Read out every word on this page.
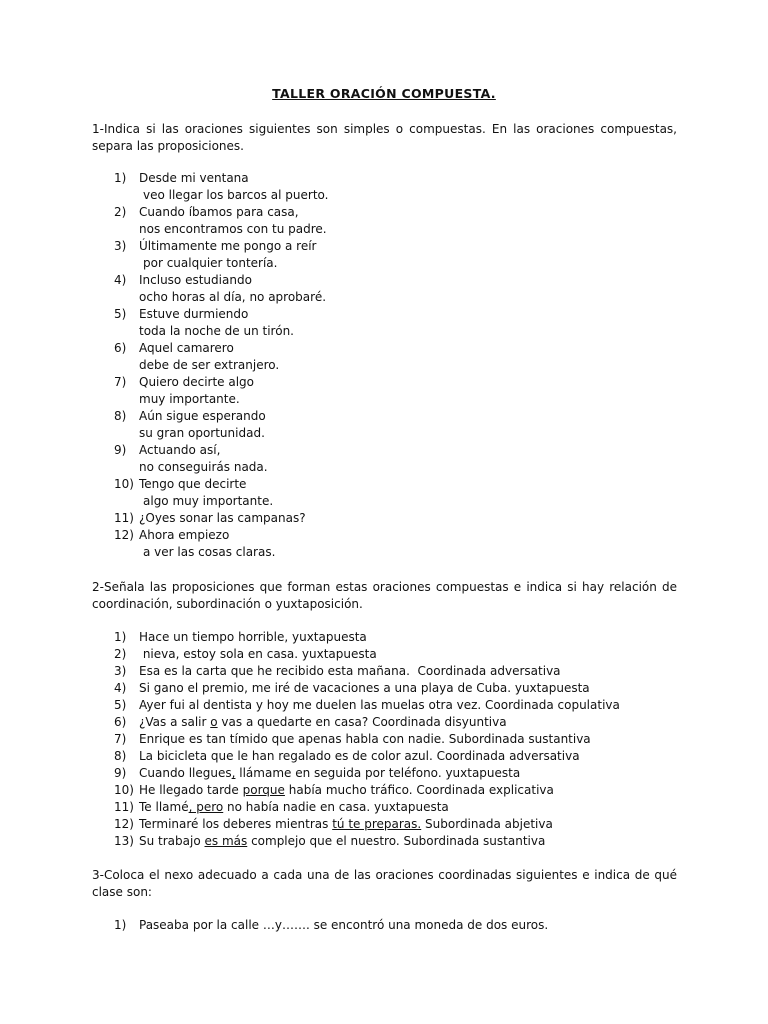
TALLER ORACIÓN COMPUESTA.

1-Indica si las oraciones siguientes son simples o compuestas. En las oraciones compuestas, separa las proposiciones.

1) Desde mi ventana
veo llegar los barcos al puerto.
2) Cuando íbamos para casa,
nos encontramos con tu padre.
3) Últimamente me pongo a reír
por cualquier tontería.
4) Incluso estudiando
ocho horas al día, no aprobaré.
5) Estuve durmiendo
toda la noche de un tirón.
6) Aquel camarero
debe de ser extranjero.
7) Quiero decirte algo
muy importante.
8) Aún sigue esperando
su gran oportunidad.
9) Actuando así,
no conseguirás nada.
10) Tengo que decirte
algo muy importante.
11) ¿Oyes sonar las campanas?
12) Ahora empiezo
a ver las cosas claras.

2-Señala las proposiciones que forman estas oraciones compuestas e indica si hay relación de coordinación, subordinación o yuxtaposición.

1) Hace un tiempo horrible, yuxtapuesta
2) nieva, estoy sola en casa. yuxtapuesta
3) Esa es la carta que he recibido esta mañana.  Coordinada adversativa
4) Si gano el premio, me iré de vacaciones a una playa de Cuba. yuxtapuesta
5) Ayer fui al dentista y hoy me duelen las muelas otra vez. Coordinada copulativa
6) ¿Vas a salir o vas a quedarte en casa? Coordinada disyuntiva
7) Enrique es tan tímido que apenas habla con nadie. Subordinada sustantiva
8) La bicicleta que le han regalado es de color azul. Coordinada adversativa
9) Cuando llegues, llámame en seguida por teléfono. yuxtapuesta
10) He llegado tarde porque había mucho tráfico. Coordinada explicativa
11) Te llamé, pero no había nadie en casa. yuxtapuesta
12) Terminaré los deberes mientras tú te preparas. Subordinada abjetiva
13) Su trabajo es más complejo que el nuestro. Subordinada sustantiva

3-Coloca el nexo adecuado a cada una de las oraciones coordinadas siguientes e indica de qué clase son:

1) Paseaba por la calle …y……. se encontró una moneda de dos euros.
